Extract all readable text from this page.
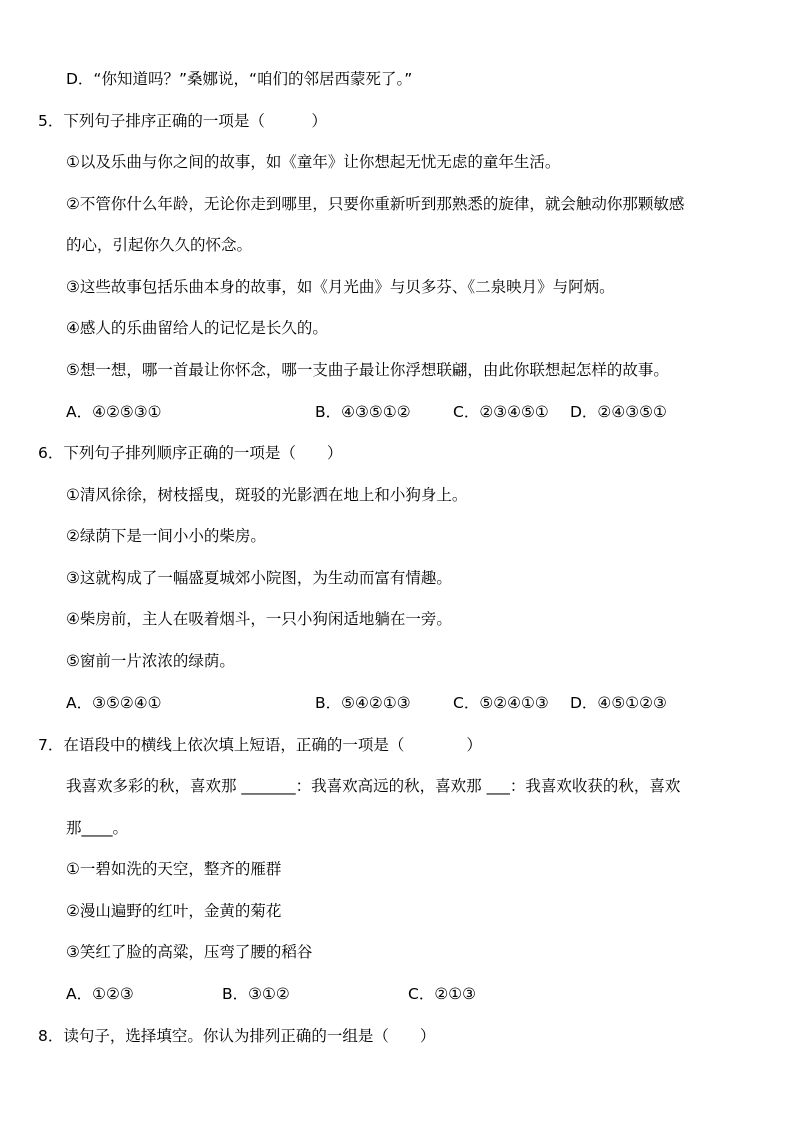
D．“你知道吗？”桑娜说，“咱们的邻居西蒙死了。”
5．下列句子排序正确的一项是（　　　）
①以及乐曲与你之间的故事，如《童年》让你想起无忧无虑的童年生活。
②不管你什么年龄，无论你走到哪里，只要你重新听到那熟悉的旋律，就会触动你那颗敏感
的心，引起你久久的怀念。
③这些故事包括乐曲本身的故事，如《月光曲》与贝多芬、《二泉映月》与阿炳。
④感人的乐曲留给人的记忆是长久的。
⑤想一想，哪一首最让你怀念，哪一支曲子最让你浮想联翩，由此你联想起怎样的故事。
A．④②⑤③①	B．④③⑤①②	C．②③④⑤① D．②④③⑤①
6．下列句子排列顺序正确的一项是（　　）
①清风徐徐，树枝摇曳，斑驳的光影洒在地上和小狗身上。
②绿荫下是一间小小的柴房。
③这就构成了一幅盛夏城郊小院图，为生动而富有情趣。
④柴房前，主人在吸着烟斗，一只小狗闲适地躺在一旁。
⑤窗前一片浓浓的绿荫。
A．③⑤②④①	B．⑤④②①③	C．⑤②④①③ D．④⑤①②③
7．在语段中的横线上依次填上短语，正确的一项是（　　　　）
我喜欢多彩的秋，喜欢那 _______：我喜欢高远的秋，喜欢那 ___：我喜欢收获的秋，喜欢
那____。
①一碧如洗的天空，整齐的雁群
②漫山遍野的红叶，金黄的菊花
③笑红了脸的高粱，压弯了腰的稻谷
A．①②③	B．③①②	C．②①③
8．读句子，选择填空。你认为排列正确的一组是（　　）
